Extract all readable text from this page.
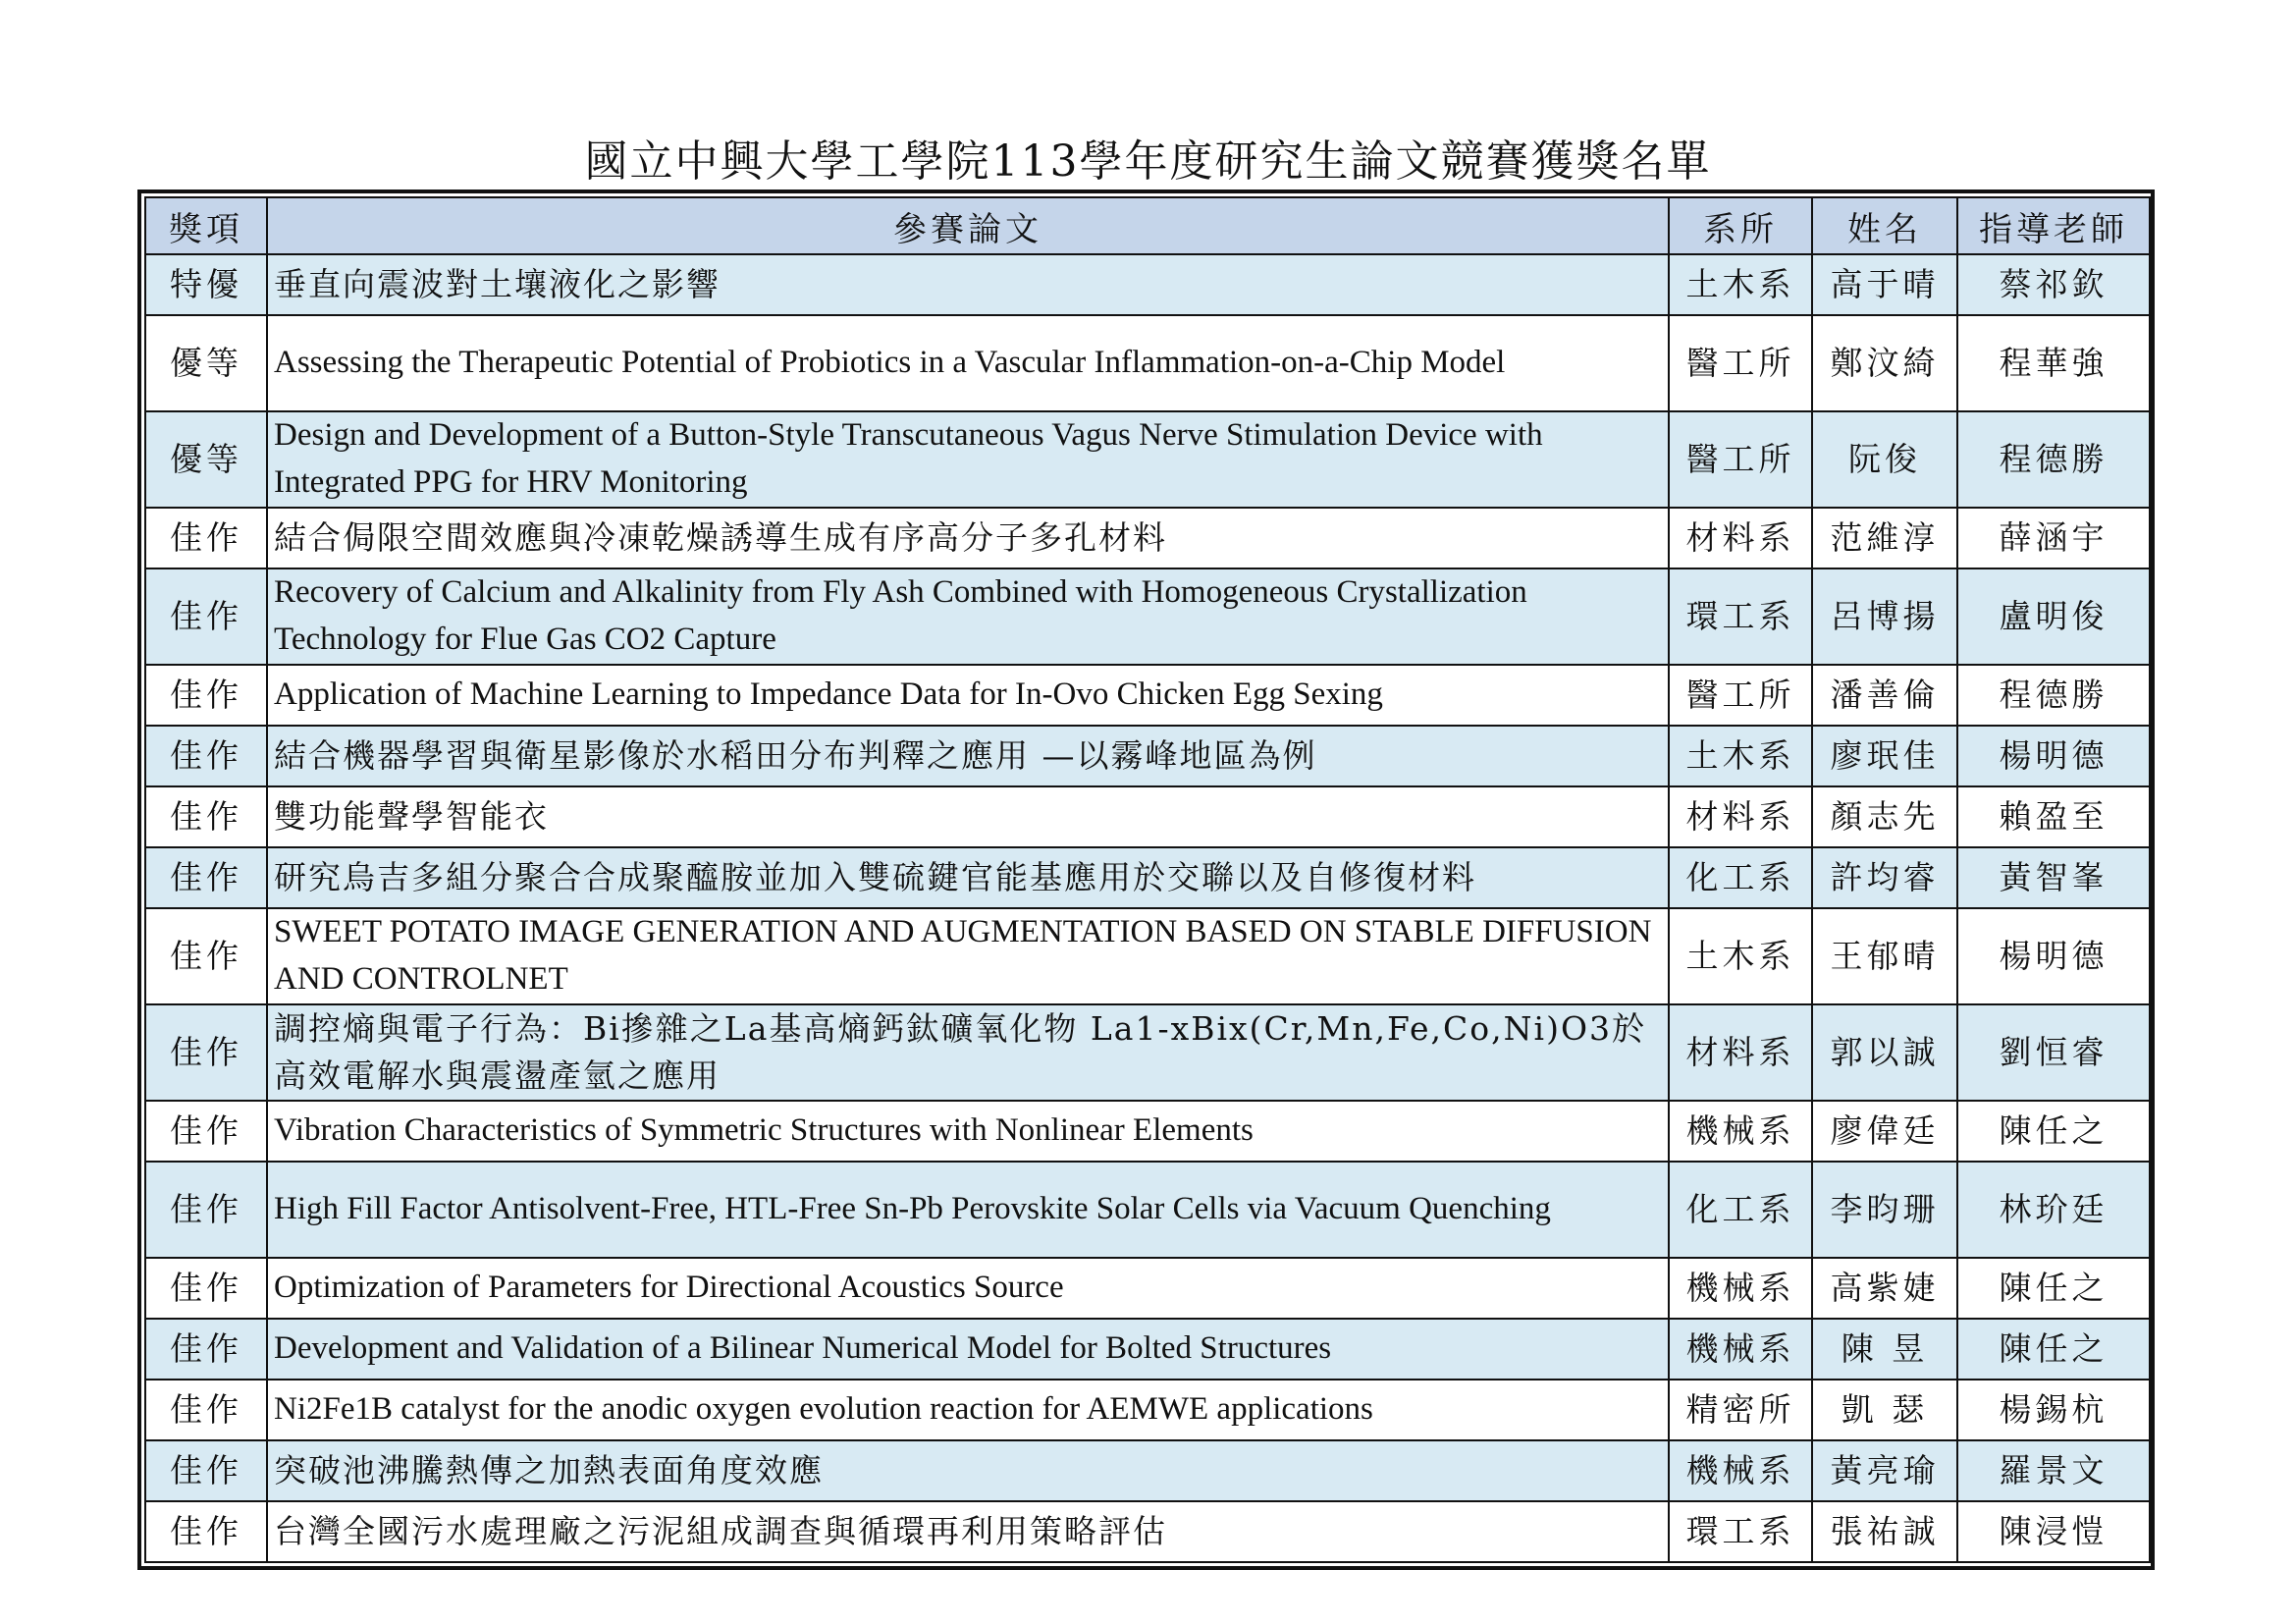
國立中興大學工學院113學年度研究生論文競賽獲獎名單
獎項	參賽論文	系所	姓名	指導老師
特優	垂直向震波對土壤液化之影響	土木系	高于晴	蔡祁欽
優等	Assessing the Therapeutic Potential of Probiotics in a Vascular Inflammation-on-a-Chip Model	醫工所	鄭汶綺	程華強
優等	Design and Development of a Button-Style Transcutaneous Vagus Nerve Stimulation Device with Integrated PPG for HRV Monitoring	醫工所	阮俊	程德勝
佳作	結合侷限空間效應與冷凍乾燥誘導生成有序高分子多孔材料	材料系	范維淳	薛涵宇
佳作	Recovery of Calcium and Alkalinity from Fly Ash Combined with Homogeneous Crystallization Technology for Flue Gas CO2 Capture	環工系	呂博揚	盧明俊
佳作	Application of Machine Learning to Impedance Data for In-Ovo Chicken Egg Sexing	醫工所	潘善倫	程德勝
佳作	結合機器學習與衛星影像於水稻田分布判釋之應用 —以霧峰地區為例	土木系	廖珉佳	楊明德
佳作	雙功能聲學智能衣	材料系	顏志先	賴盈至
佳作	研究烏吉多組分聚合合成聚醯胺並加入雙硫鍵官能基應用於交聯以及自修復材料	化工系	許均睿	黃智峯
佳作	SWEET POTATO IMAGE GENERATION AND AUGMENTATION BASED ON STABLE DIFFUSION AND CONTROLNET	土木系	王郁晴	楊明德
佳作	調控熵與電子行為：Bi摻雜之La基高熵鈣鈦礦氧化物 La1-xBix(Cr,Mn,Fe,Co,Ni)O3於高效電解水與震盪產氫之應用	材料系	郭以誠	劉恒睿
佳作	Vibration Characteristics of Symmetric Structures with Nonlinear Elements	機械系	廖偉廷	陳任之
佳作	High Fill Factor Antisolvent-Free, HTL-Free Sn-Pb Perovskite Solar Cells via Vacuum Quenching	化工系	李昀珊	林玠廷
佳作	Optimization of Parameters for Directional Acoustics Source	機械系	高紫婕	陳任之
佳作	Development and Validation of a Bilinear Numerical Model for Bolted Structures	機械系	陳 昱	陳任之
佳作	Ni2Fe1B catalyst for the anodic oxygen evolution reaction for AEMWE applications	精密所	凱 瑟	楊錫杭
佳作	突破池沸騰熱傳之加熱表面角度效應	機械系	黃亮瑜	羅景文
佳作	台灣全國污水處理廠之污泥組成調查與循環再利用策略評估	環工系	張祐誠	陳浸愷
